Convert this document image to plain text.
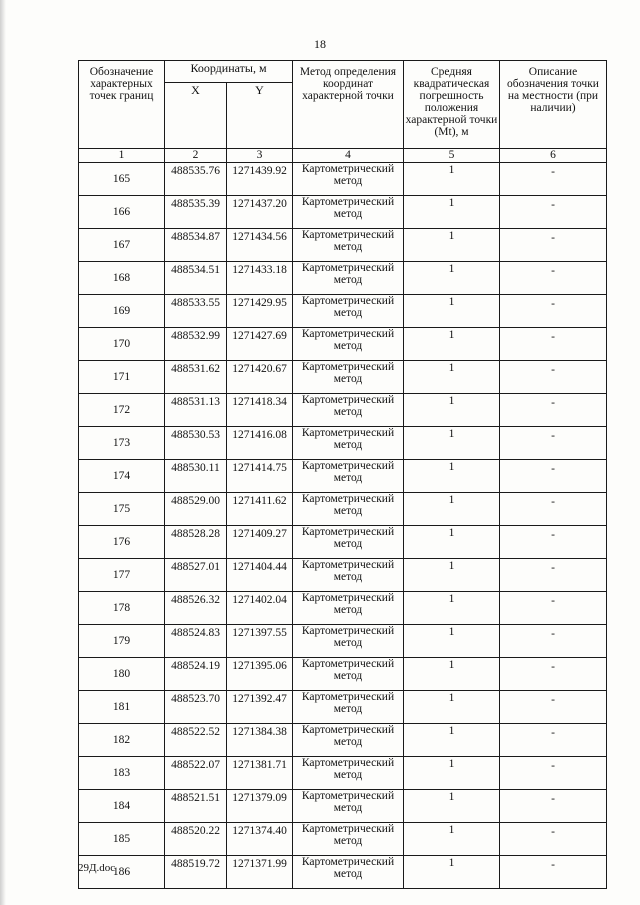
18
Обозначение характерных точек границ	Координаты, м		Метод определения координат характерной точки	Средняя квадратическая погрешность положения характерной точки (Mt), м	Описание обозначения точки на местности (при наличии)
	X	Y			
1	2	3	4	5	6
165	488535.76	1271439.92	Картометрический метод	1	-
166	488535.39	1271437.20	Картометрический метод	1	-
167	488534.87	1271434.56	Картометрический метод	1	-
168	488534.51	1271433.18	Картометрический метод	1	-
169	488533.55	1271429.95	Картометрический метод	1	-
170	488532.99	1271427.69	Картометрический метод	1	-
171	488531.62	1271420.67	Картометрический метод	1	-
172	488531.13	1271418.34	Картометрический метод	1	-
173	488530.53	1271416.08	Картометрический метод	1	-
174	488530.11	1271414.75	Картометрический метод	1	-
175	488529.00	1271411.62	Картометрический метод	1	-
176	488528.28	1271409.27	Картометрический метод	1	-
177	488527.01	1271404.44	Картометрический метод	1	-
178	488526.32	1271402.04	Картометрический метод	1	-
179	488524.83	1271397.55	Картометрический метод	1	-
180	488524.19	1271395.06	Картометрический метод	1	-
181	488523.70	1271392.47	Картометрический метод	1	-
182	488522.52	1271384.38	Картометрический метод	1	-
183	488522.07	1271381.71	Картометрический метод	1	-
184	488521.51	1271379.09	Картометрический метод	1	-
185	488520.22	1271374.40	Картометрический метод	1	-
186	488519.72	1271371.99	Картометрический метод	1	-
29Д.doc
